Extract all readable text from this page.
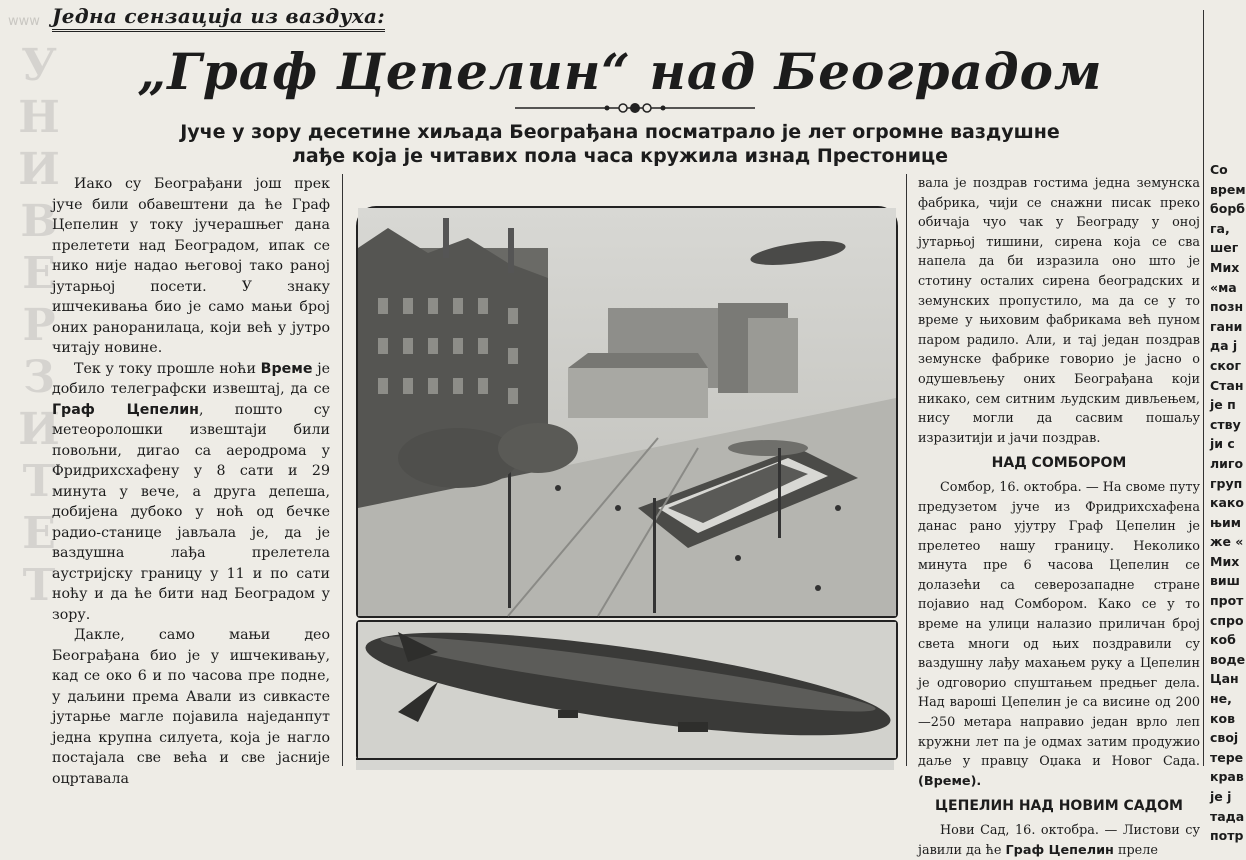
www
У
Н
И
В
Е
Р
З
И
Т
Е
Т
Једна сензација из ваздуха:
„Граф Цепелин“ над Београдом
Јуче у зору десетине хиљада Београђана посматрало је лет огромне ваздушне
лађе која је читавих пола часа кружила изнад Престонице

Иако су Београђани још прек јуче били обавештени да ће Граф Цепелин у току јучерашњег дана прелетети над Београдом, ипак се нико није надао његовој тако раној јутарњој посети. У знаку ишчекивања био је само мањи број оних раноранилаца, који већ у јутро читају новине.

Тек у току прошле ноћи Време је добило телеграфски извештај, да се Граф Цепелин, пошто су метеоролошки извештаји били повољни, дигао са аеродрома у Фридрихсхафену у 8 сати и 29 минута у вече, а друга депеша, добијена дубоко у ноћ од бечке радио-станице јављала је, да је ваздушна лађа прелетела аустријску границу у 11 и по сати ноћу и да ће бити над Београдом у зору.

Дакле, само мањи део Београђана био је у ишчекивању, кад се око 6 и по часова пре подне, у даљини према Авали из сивкасте јутарње магле појавила наједанпут једна крупна силуета, која је нагло постајала све већа и све јасније оцртавала

вала је поздрав гостима једна земунска фабрика, чији се снажни писак преко обичаја чуо чак у Београду у оној јутарњој тишини, сирена која се сва напела да би изразила оно што је стотину осталих сирена београдских и земунских пропустило, ма да се у то време у њиховим фабрикама већ пуном паром радило. Али, и тај један поздрав земунске фабрике говорио је јасно о одушевљењу оних Београђана који никако, сем ситним људским дивљењем, нису могли да сасвим пошаљу изразитији и јачи поздрав.

НАД СОМБОРОМ

Сомбор, 16. октобра. — На своме путу предузетом јуче из Фридрихсхафена данас рано ујутру Граф Цепелин је прелетео нашу границу. Неколико минута пре 6 часова Цепелин се долазећи са северозападне стране појавио над Сомбором. Како се у то време на улици налазио приличан број света многи од њих поздравили су ваздушну лађу махањем руку а Цепелин је одговорио спуштањем предњег дела. Над варошi Цепелин је са висине од 200—250 метара направио један врло леп кружни лет па је одмах затим продужио даље у правцу Оџака и Новог Сада. (Време).

ЦЕПЕЛИН НАД НОВИМ САДОМ

Нови Сад, 16. октобра. — Листови су јавили да ће Граф Цепелин преле

Со
врем
борб
га,
шег
Мих
«ма
позн
гани
да ј
ског
Стан
је п
ству
ји с
лиго
груп
како
њим
же «
Мих
виш
прот
спро
коб
воде
Цан
не,
ков
свој
тере
крав
је ј
тада
потр
